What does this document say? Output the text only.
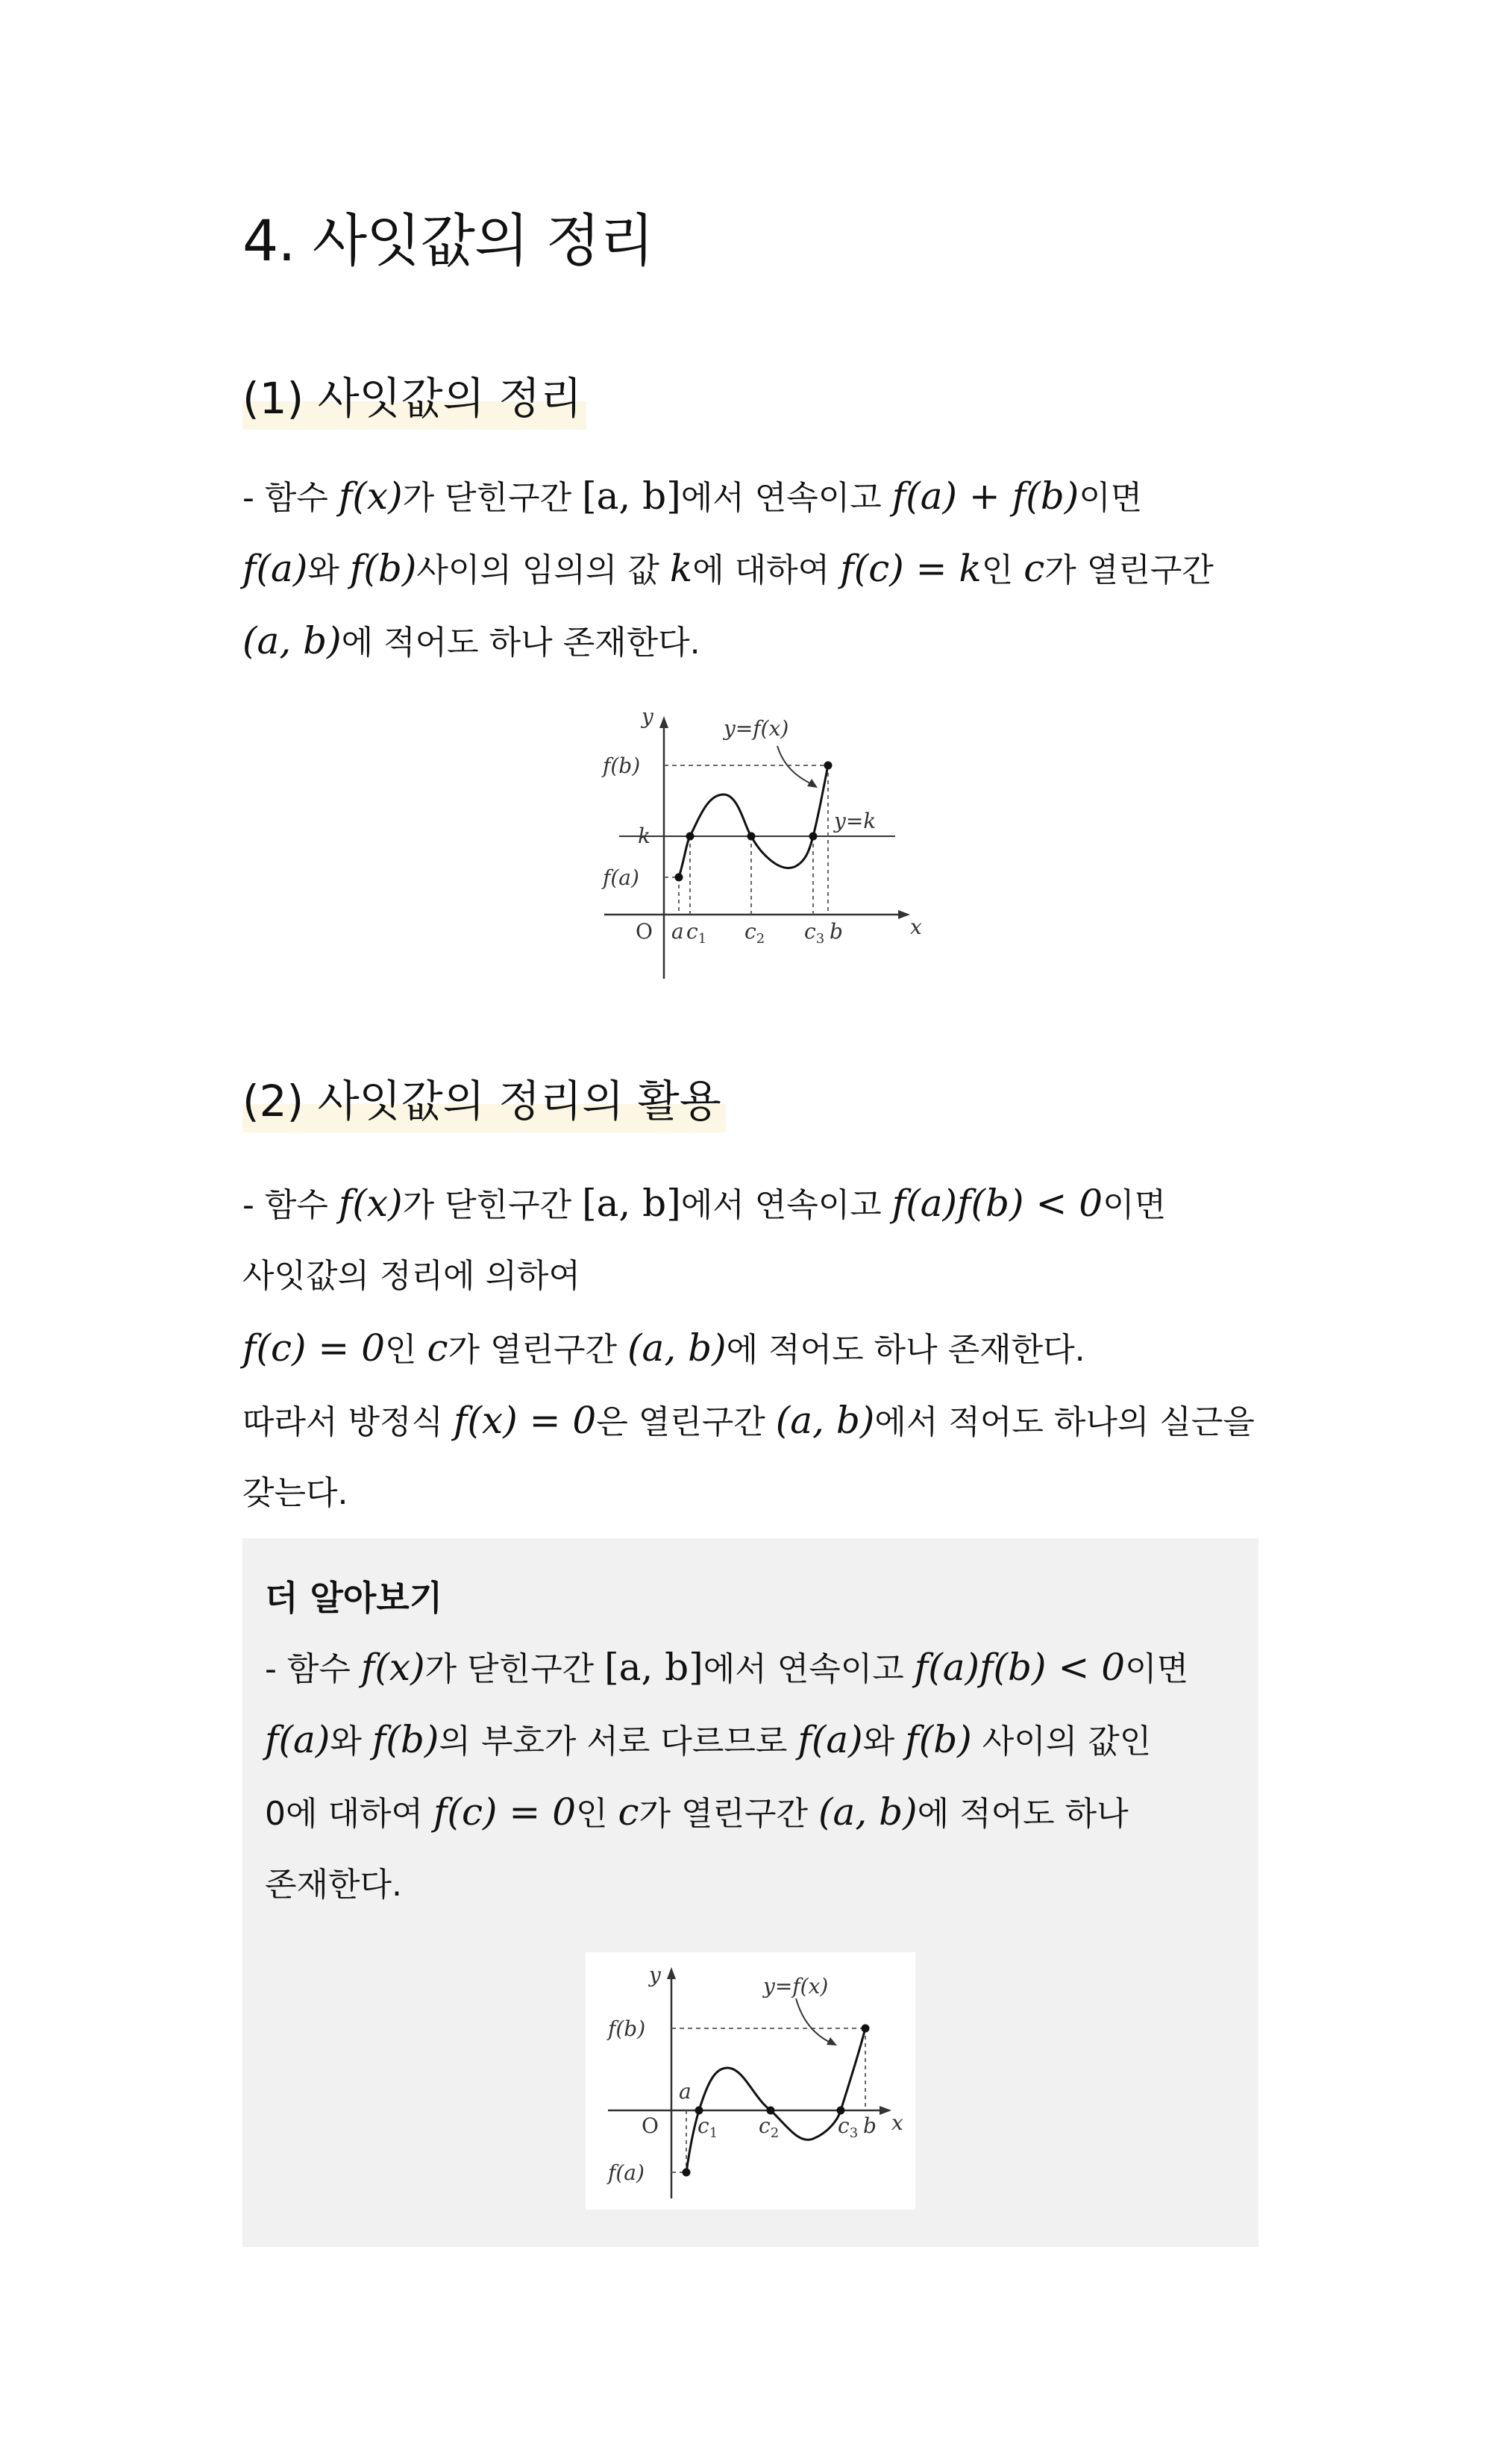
4. 사잇값의 정리
(1) 사잇값의 정리
- 함수 f(x)가 닫힌구간 [a, b]에서 연속이고 f(a) + f(b)이면
f(a)와 f(b)사이의 임의의 값 k에 대하여 f(c) = k인 c가 열린구간
(a, b)에 적어도 하나 존재한다.
y
x
O
y=f(x)
f(b)
k
f(a)
y=k
a $c_1$ $c_2$ $c_3$ b
(2) 사잇값의 정리의 활용
- 함수 f(x)가 닫힌구간 [a, b]에서 연속이고 f(a)f(b) < 0이면
사잇값의 정리에 의하여
f(c) = 0인 c가 열린구간 (a, b)에 적어도 하나 존재한다.
따라서 방정식 f(x) = 0은 열린구간 (a, b)에서 적어도 하나의 실근을
갖는다.
더 알아보기
- 함수 f(x)가 닫힌구간 [a, b]에서 연속이고 f(a)f(b) < 0이면
f(a)와 f(b)의 부호가 서로 다르므로 f(a)와 f(b) 사이의 값인
0에 대하여 f(c) = 0인 c가 열린구간 (a, b)에 적어도 하나
존재한다.
y
x
O
y=f(x)
f(b)
f(a)
a
$c_1$ $c_2$	$c_3$ b
